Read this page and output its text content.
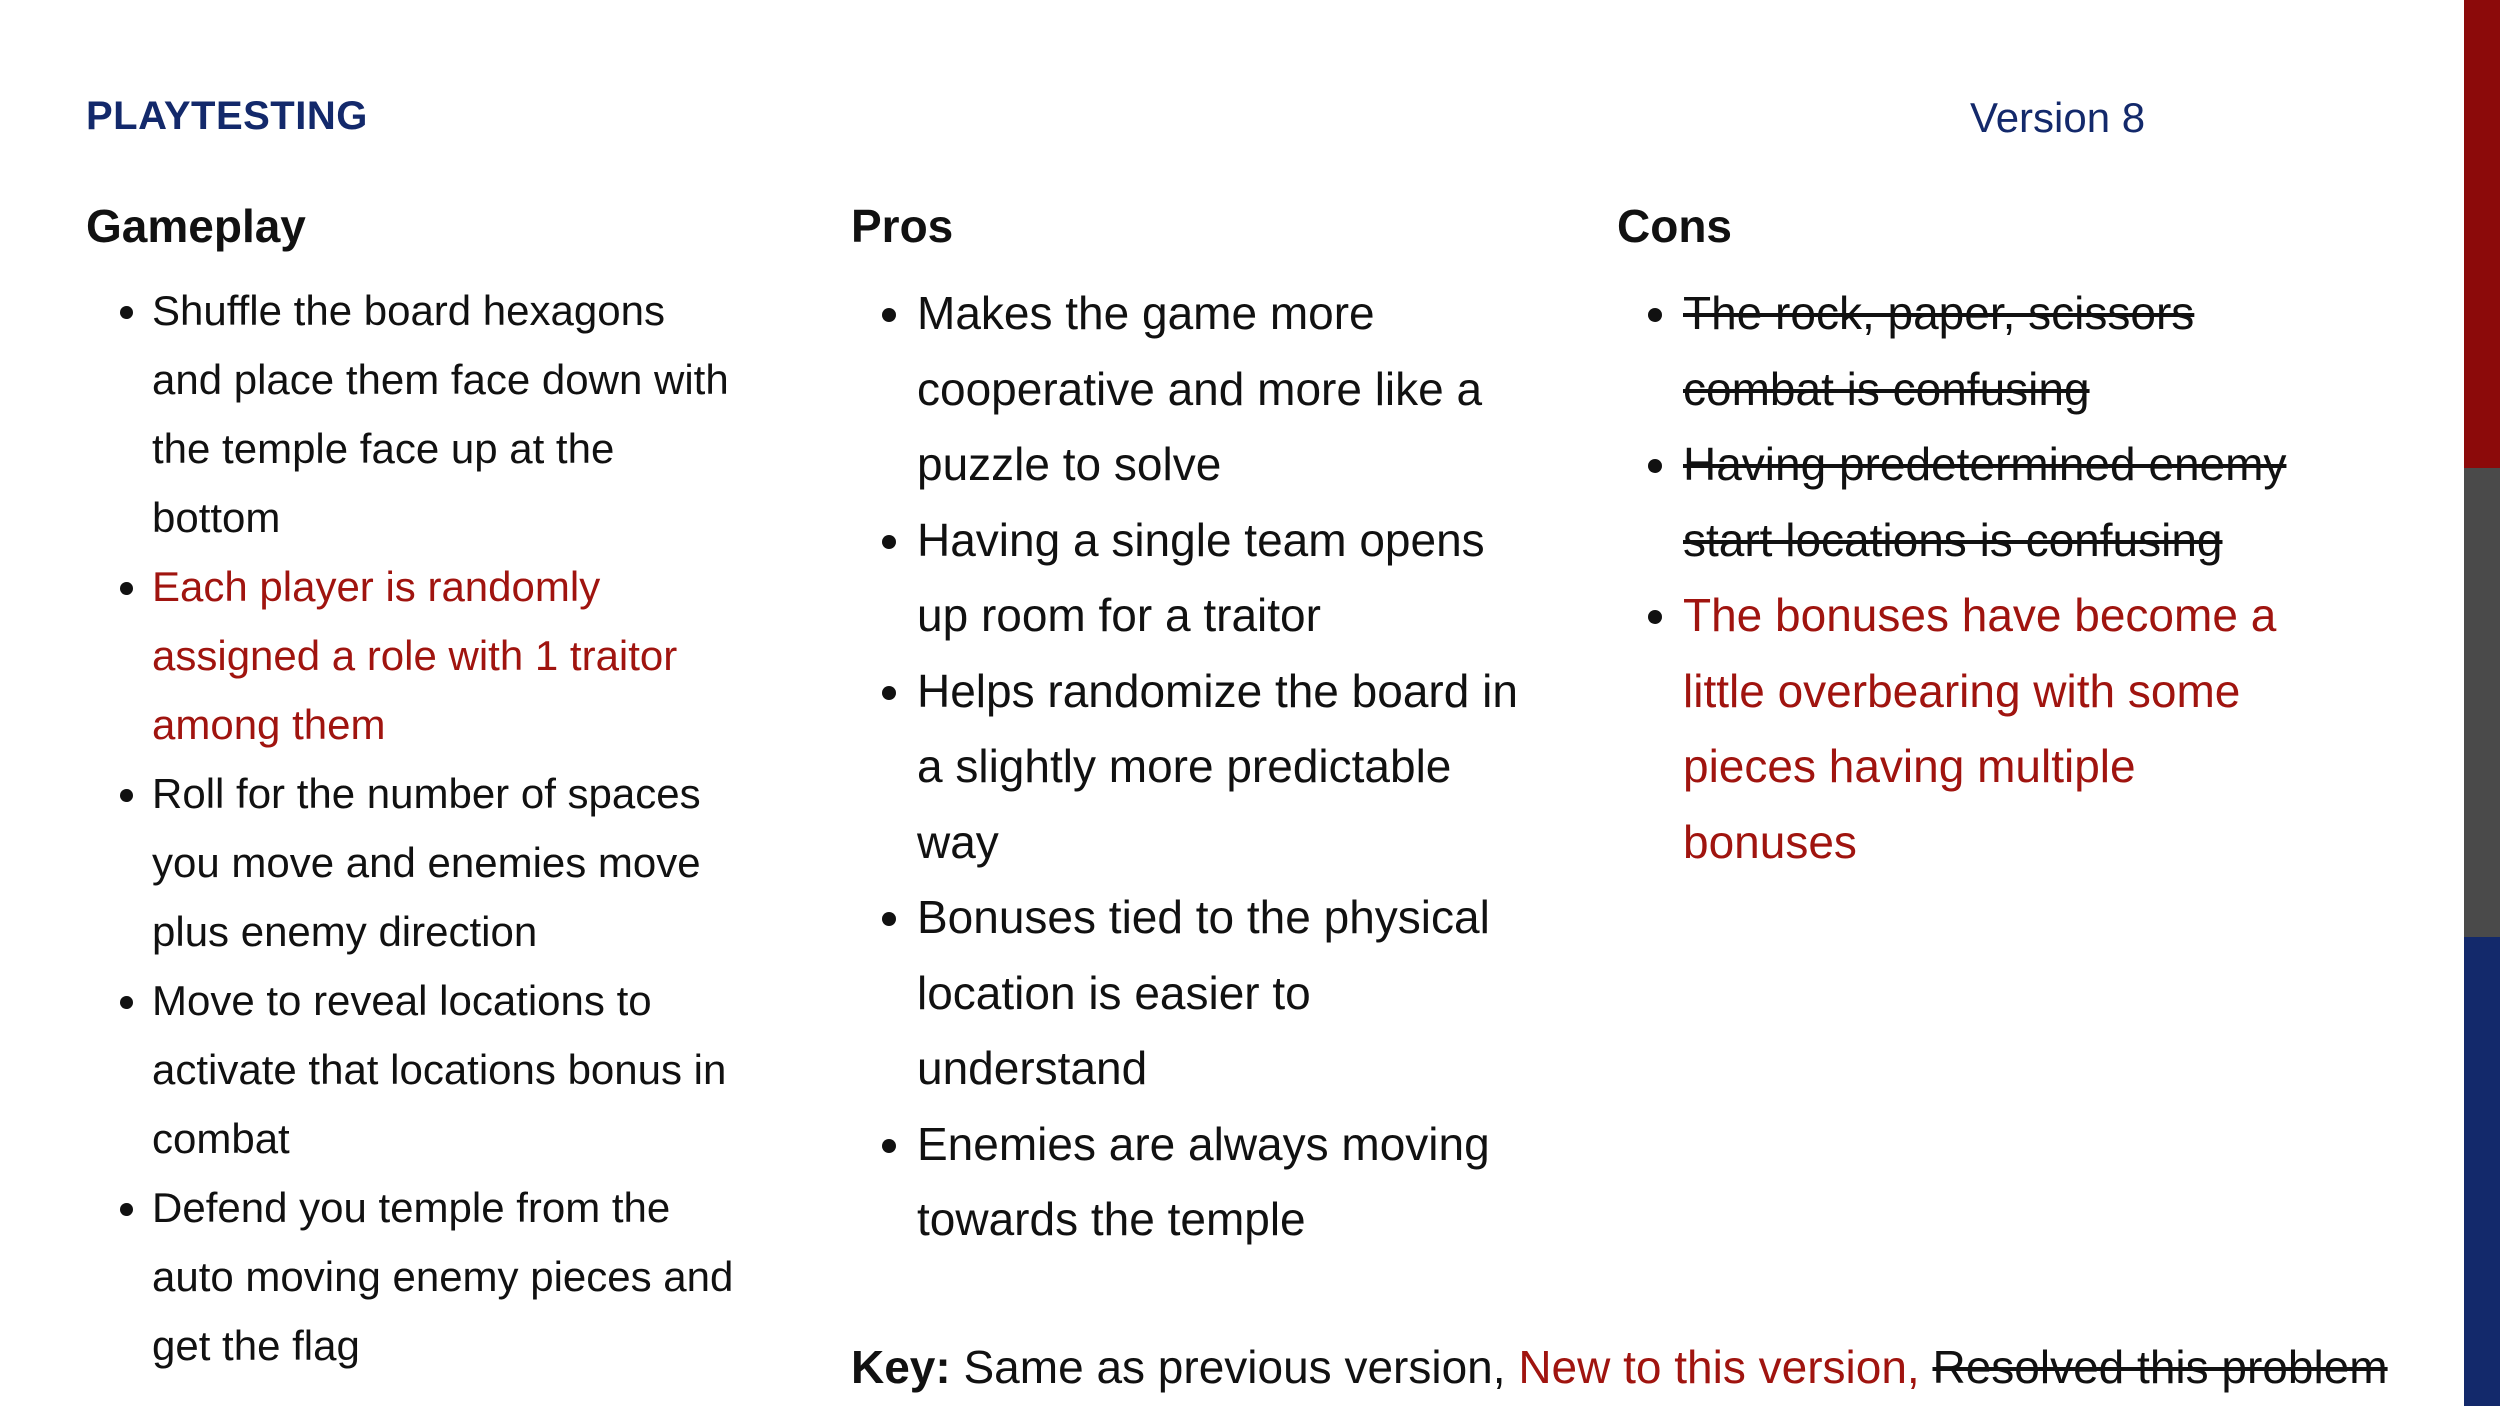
PLAYTESTING	Version 8
Gameplay
• Shuffle the board hexagons and place them face down with the temple face up at the bottom
• Each player is randomly assigned a role with 1 traitor among them
• Roll for the number of spaces you move and enemies move plus enemy direction
• Move to reveal locations to activate that locations bonus in combat
• Defend you temple from the auto moving enemy pieces and get the flag
Pros
• Makes the game more cooperative and more like a puzzle to solve
• Having a single team opens up room for a traitor
• Helps randomize the board in a slightly more predictable way
• Bonuses tied to the physical location is easier to understand
• Enemies are always moving towards the temple
Cons
• The rock, paper, scissors combat is confusing
• Having predetermined enemy start locations is confusing
• The bonuses have become a little overbearing with some pieces having multiple bonuses
Key: Same as previous version, New to this version, Resolved this problem
